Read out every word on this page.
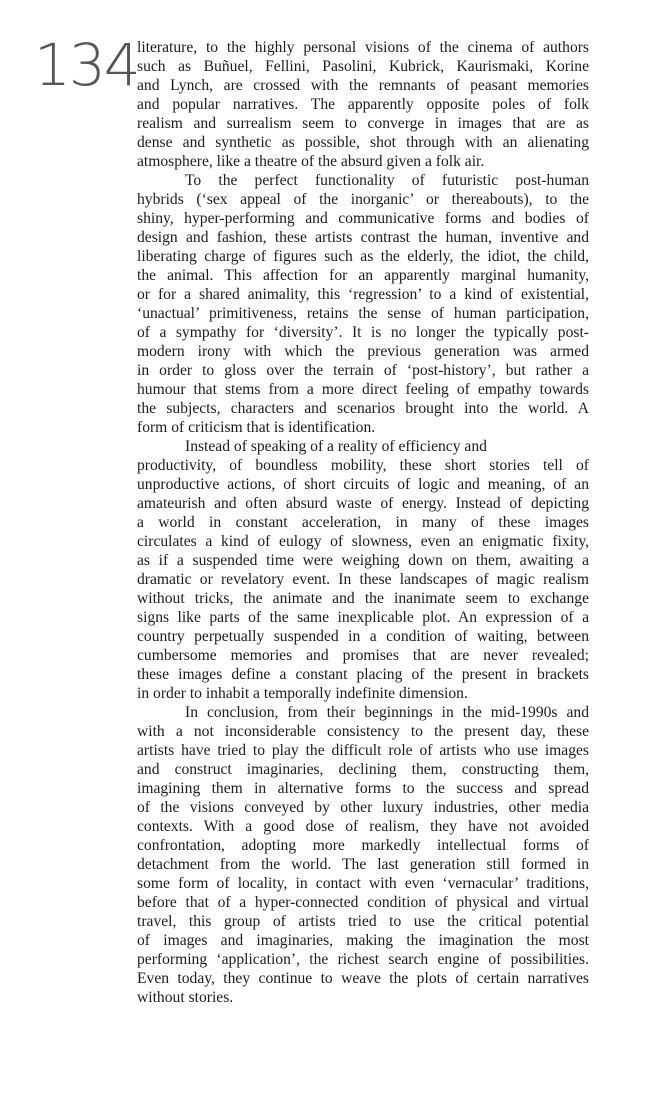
134
literature, to the highly personal visions of the cinema of authors
such as Buñuel, Fellini, Pasolini, Kubrick, Kaurismaki, Korine
and Lynch, are crossed with the remnants of peasant memories
and popular narratives. The apparently opposite poles of folk
realism and surrealism seem to converge in images that are as
dense and synthetic as possible, shot through with an alienating
atmosphere, like a theatre of the absurd given a folk air.
To the perfect functionality of futuristic post-human
hybrids (‘sex appeal of the inorganic’ or thereabouts), to the
shiny, hyper-performing and communicative forms and bodies of
design and fashion, these artists contrast the human, inventive and
liberating charge of figures such as the elderly, the idiot, the child,
the animal. This affection for an apparently marginal humanity,
or for a shared animality, this ‘regression’ to a kind of existential,
‘unactual’ primitiveness, retains the sense of human participation,
of a sympathy for ‘diversity’. It is no longer the typically post-
modern irony with which the previous generation was armed
in order to gloss over the terrain of ‘post-history’, but rather a
humour that stems from a more direct feeling of empathy towards
the subjects, characters and scenarios brought into the world. A
form of criticism that is identification.
Instead of speaking of a reality of efficiency and
productivity, of boundless mobility, these short stories tell of
unproductive actions, of short circuits of logic and meaning, of an
amateurish and often absurd waste of energy. Instead of depicting
a world in constant acceleration, in many of these images
circulates a kind of eulogy of slowness, even an enigmatic fixity,
as if a suspended time were weighing down on them, awaiting a
dramatic or revelatory event. In these landscapes of magic realism
without tricks, the animate and the inanimate seem to exchange
signs like parts of the same inexplicable plot. An expression of a
country perpetually suspended in a condition of waiting, between
cumbersome memories and promises that are never revealed;
these images define a constant placing of the present in brackets
in order to inhabit a temporally indefinite dimension.
In conclusion, from their beginnings in the mid-1990s and
with a not inconsiderable consistency to the present day, these
artists have tried to play the difficult role of artists who use images
and construct imaginaries, declining them, constructing them,
imagining them in alternative forms to the success and spread
of the visions conveyed by other luxury industries, other media
contexts. With a good dose of realism, they have not avoided
confrontation, adopting more markedly intellectual forms of
detachment from the world. The last generation still formed in
some form of locality, in contact with even ‘vernacular’ traditions,
before that of a hyper-connected condition of physical and virtual
travel, this group of artists tried to use the critical potential
of images and imaginaries, making the imagination the most
performing ‘application’, the richest search engine of possibilities.
Even today, they continue to weave the plots of certain narratives
without stories.
